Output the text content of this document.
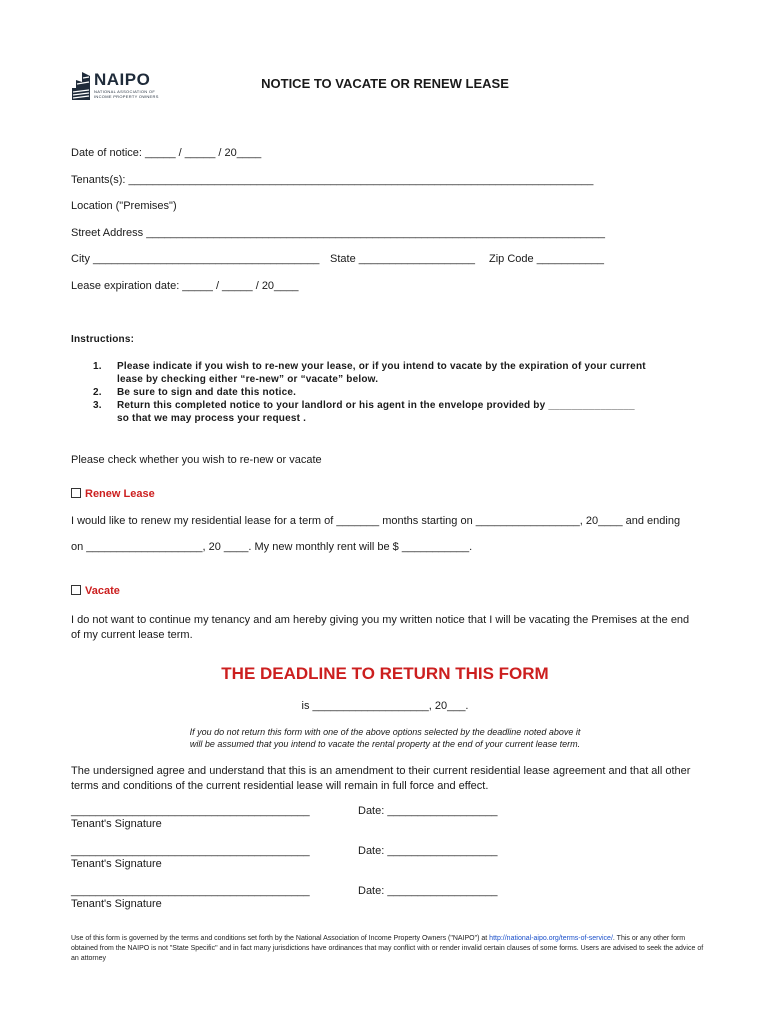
NAIPO
NATIONAL ASSOCIATION OF INCOME PROPERTY OWNERS
NOTICE TO VACATE OR RENEW LEASE
Date of notice: _____ / _____ / 20____
Tenants(s): ____________________________________________________________________________
Location ("Premises")
Street Address ___________________________________________________________________________
City _____________________________________ State ___________________ Zip Code ___________
Lease expiration date: _____ / _____ / 20____
Instructions:
1. Please indicate if you wish to re-new your lease, or if you intend to vacate by the expiration of your current
lease by checking either “re-new” or “vacate” below.
2. Be sure to sign and date this notice.
3. Return this completed notice to your landlord or his agent in the envelope provided by _______________
so that we may process your request .
Please check whether you wish to re-new or vacate
Renew Lease
I would like to renew my residential lease for a term of _______ months starting on _________________, 20____ and ending
on ___________________, 20 ____. My new monthly rent will be $ ___________.
Vacate
I do not want to continue my tenancy and am hereby giving you my written notice that I will be vacating the Premises at the end of my current lease term.
THE DEADLINE TO RETURN THIS FORM
is ___________________, 20___.
If you do not return this form with one of the above options selected by the deadline noted above it
will be assumed that you intend to vacate the rental property at the end of your current lease term.
The undersigned agree and understand that this is an amendment to their current residential lease agreement and that all other terms and conditions of the current residential lease will remain in full force and effect.
_______________________________________	Date: __________________
Tenant's Signature
_______________________________________	Date: __________________
Tenant's Signature
_______________________________________	Date: __________________
Tenant's Signature
Use of this form is governed by the terms and conditions set forth by the National Association of Income Property Owners ("NAIPO") at http://national-aipo.org/terms-of-service/. This or any other form obtained from the NAIPO is not "State Specific" and in fact many jurisdictions have ordinances that may conflict with or render invalid certain clauses of some forms. Users are advised to seek the advice of an attorney
